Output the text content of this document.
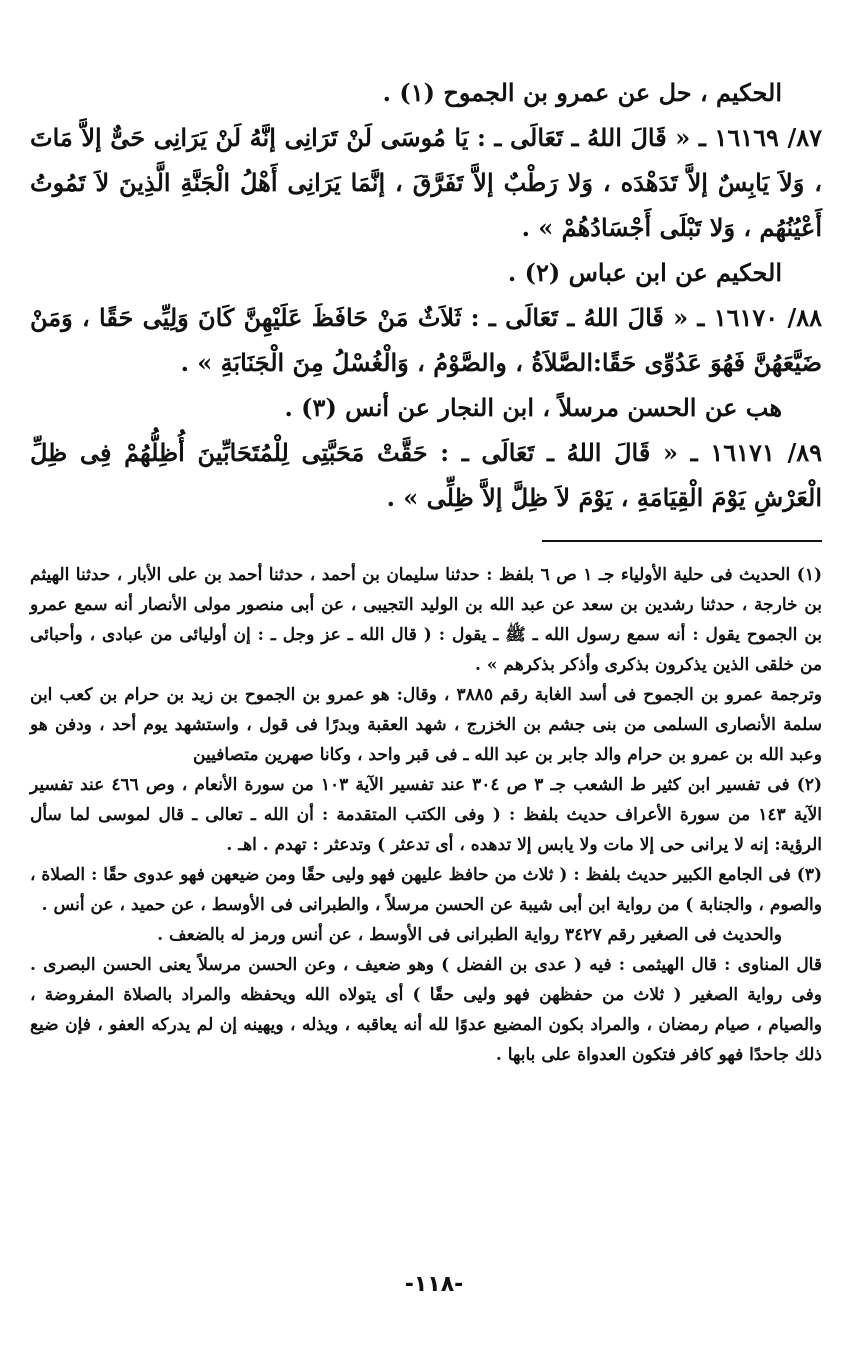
الحكيم ، حل عن عمرو بن الجموح (١) .

٨٧/ ١٦١٦٩ ـ « قَالَ اللهُ ـ تَعَالَى ـ : يَا مُوسَى لَنْ تَرَانِى إنَّهُ لَنْ يَرَانِى حَىٌّ إلاَّ مَاتَ ، وَلاَ يَابِسٌ إلاَّ تَدَهْدَه ، وَلا رَطْبٌ إلاَّ تَفَرَّقَ ، إنَّمَا يَرَانِى أَهْلُ الْجَنَّةِ الَّذِينَ لاَ تَمُوتُ أَعْيُنُهُم ، وَلا تَبْلَى أَجْسَادُهُمْ » .

الحكيم عن ابن عباس (٢) .

٨٨/ ١٦١٧٠ ـ « قَالَ اللهُ ـ تَعَالَى ـ : ثَلاَثٌ مَنْ حَافَظَ عَلَيْهِنَّ كَانَ وَلِيِّى حَقًا ، وَمَنْ ضَيَّعَهُنَّ فَهُوَ عَدُوِّى حَقًا:الصَّلاَةُ ، والصَّوْمُ ، وَالْغُسْلُ مِنَ الْجَنَابَةِ » .

هب عن الحسن مرسلاً ، ابن النجار عن أنس (٣) .

٨٩/ ١٦١٧١ ـ « قَالَ اللهُ ـ تَعَالَى ـ : حَقَّتْ مَحَبَّتِى لِلْمُتَحَابِّينَ أُظِلُّهُمْ فِى ظِلِّ الْعَرْشِ يَوْمَ الْقِيَامَةِ ، يَوْمَ لاَ ظِلَّ إلاَّ ظِلِّى » .

(١) الحديث فى حلية الأولياء جـ ١ ص ٦ بلفظ : حدثنا سليمان بن أحمد ، حدثنا أحمد بن على الأبار ، حدثنا الهيثم بن خارجة ، حدثنا رشدين بن سعد عن عبد الله بن الوليد التجيبى ، عن أبى منصور مولى الأنصار أنه سمع عمرو بن الجموح يقول : أنه سمع رسول الله ـ ﷺ ـ يقول : ( قال الله ـ عز وجل ـ : إن أوليائى من عبادى ، وأحبائى من خلقى الذين يذكرون بذكرى وأذكر بذكرهم » .

وترجمة عمرو بن الجموح فى أسد الغابة رقم ٣٨٨٥ ، وقال: هو عمرو بن الجموح بن زيد بن حرام بن كعب ابن سلمة الأنصارى السلمى من بنى جشم بن الخزرج ، شهد العقبة وبدرًا فى قول ، واستشهد يوم أحد ، ودفن هو وعبد الله بن عمرو بن حرام والد جابر بن عبد الله ـ فى قبر واحد ، وكانا صهرين متصافيين

(٢) فى تفسير ابن كثير ط الشعب جـ ٣ ص ٣٠٤ عند تفسير الآية ١٠٣ من سورة الأنعام ، وص ٤٦٦ عند تفسير الآية ١٤٣ من سورة الأعراف حديث بلفظ : ( وفى الكتب المتقدمة : أن الله ـ تعالى ـ قال لموسى لما سأل الرؤية: إنه لا يرانى حى إلا مات ولا يابس إلا تدهده ، أى تدعثر ) وتدعثر : تهدم . اهـ .

(٣) فى الجامع الكبير حديث بلفظ : ( ثلاث من حافظ عليهن فهو وليى حقًا ومن ضيعهن فهو عدوى حقًا : الصلاة ، والصوم ، والجنابة ) من رواية ابن أبى شيبة عن الحسن مرسلاً ، والطبرانى فى الأوسط ، عن حميد ، عن أنس .

والحديث فى الصغير رقم ٣٤٢٧ رواية الطبرانى فى الأوسط ، عن أنس ورمز له بالضعف .

قال المناوى : قال الهيثمى : فيه ( عدى بن الفضل ) وهو ضعيف ، وعن الحسن مرسلاً يعنى الحسن البصرى . وفى رواية الصغير ( ثلاث من حفظهن فهو وليى حقًا ) أى يتولاه الله ويحفظه والمراد بالصلاة المفروضة ، والصيام ، صيام رمضان ، والمراد بكون المضيع عدوًا لله أنه يعاقبه ، ويذله ، ويهينه إن لم يدركه العفو ، فإن ضيع ذلك جاحدًا فهو كافر فتكون العدواة على بابها .

-١١٨-
